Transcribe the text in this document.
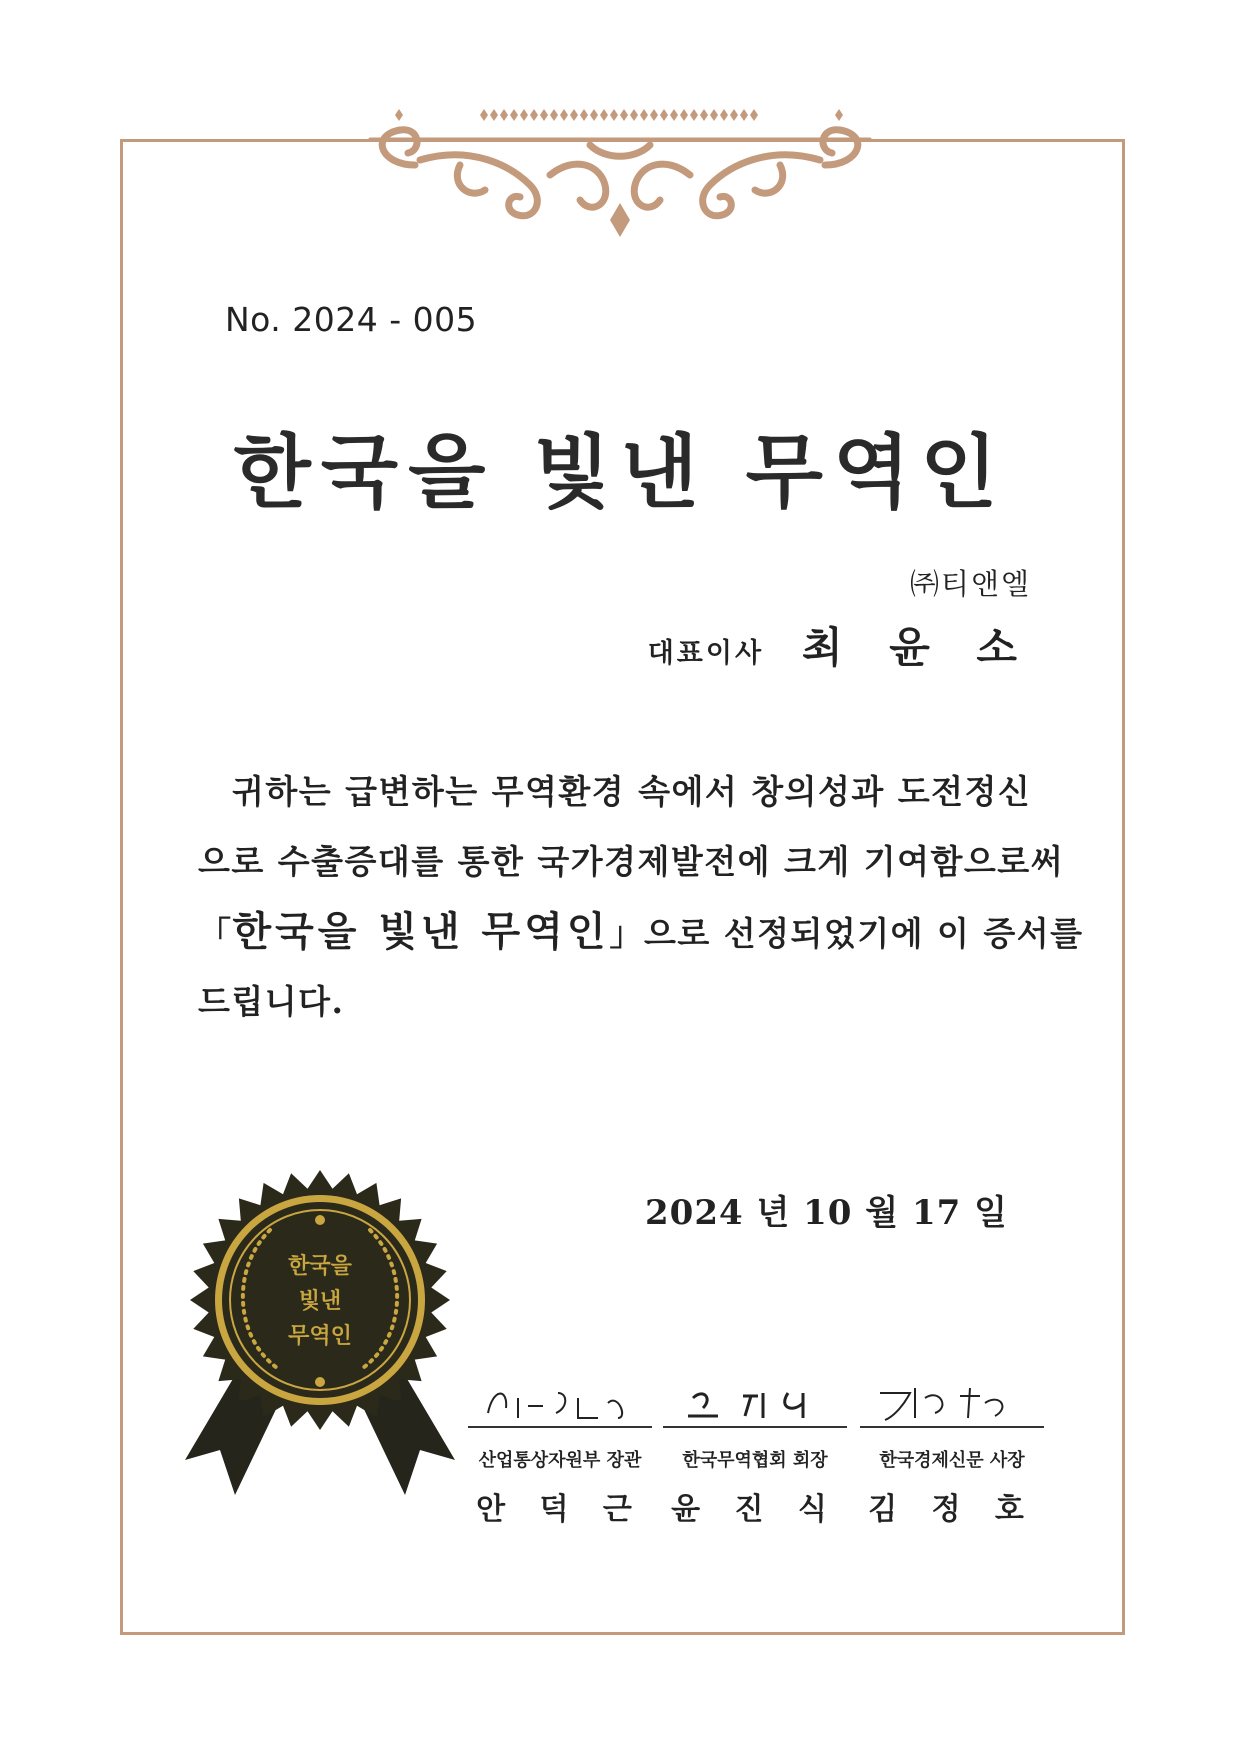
No. 2024 - 005
한국을 빛낸 무역인
㈜티앤엘
대표이사 최 윤 소
귀하는 급변하는 무역환경 속에서 창의성과 도전정신
으로 수출증대를 통한 국가경제발전에 크게 기여함으로써
「한국을 빛낸 무역인」으로 선정되었기에 이 증서를
드립니다.
2024 년 10 월 17 일
한국을
빛낸
무역인
산업통상자원부 장관
안 덕 근
한국무역협회 회장
윤 진 식
한국경제신문 사장
김 정 호
